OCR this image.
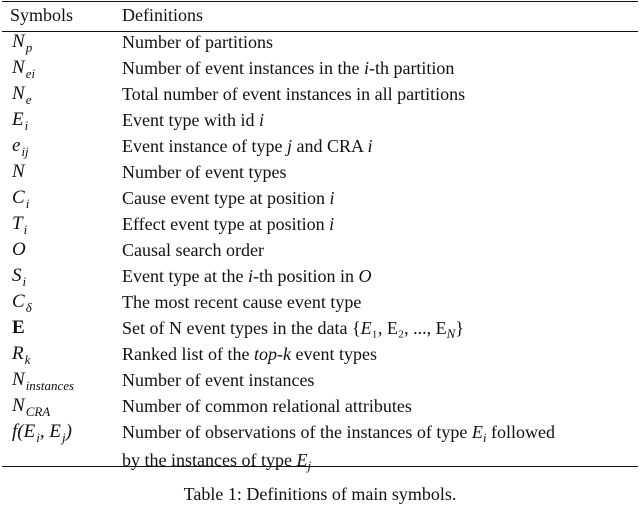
Symbols	Definitions
$N_p$	Number of partitions
$N_{ei}$	Number of event instances in the i-th partition
$N_e$	Total number of event instances in all partitions
$E_i$	Event type with id i
$e_{ij}$	Event instance of type j and CRA i
N	Number of event types
$C_i$	Cause event type at position i
$T_i$	Effect event type at position i
O	Causal search order
$S_i$	Event type at the i-th position in O
$C_\delta$	The most recent cause event type
E	Set of N event types in the data {E₁, E₂, ..., $E_N$}
$R_k$	Ranked list of the top-k event types
$N_{instances}$	Number of event instances
$N_{CRA}$	Number of common relational attributes
$f(E_i$, $E_j$)	Number of observations of the instances of type $E_i$ followed
by the instances of type $E_j$
Table 1: Definitions of main symbols.
